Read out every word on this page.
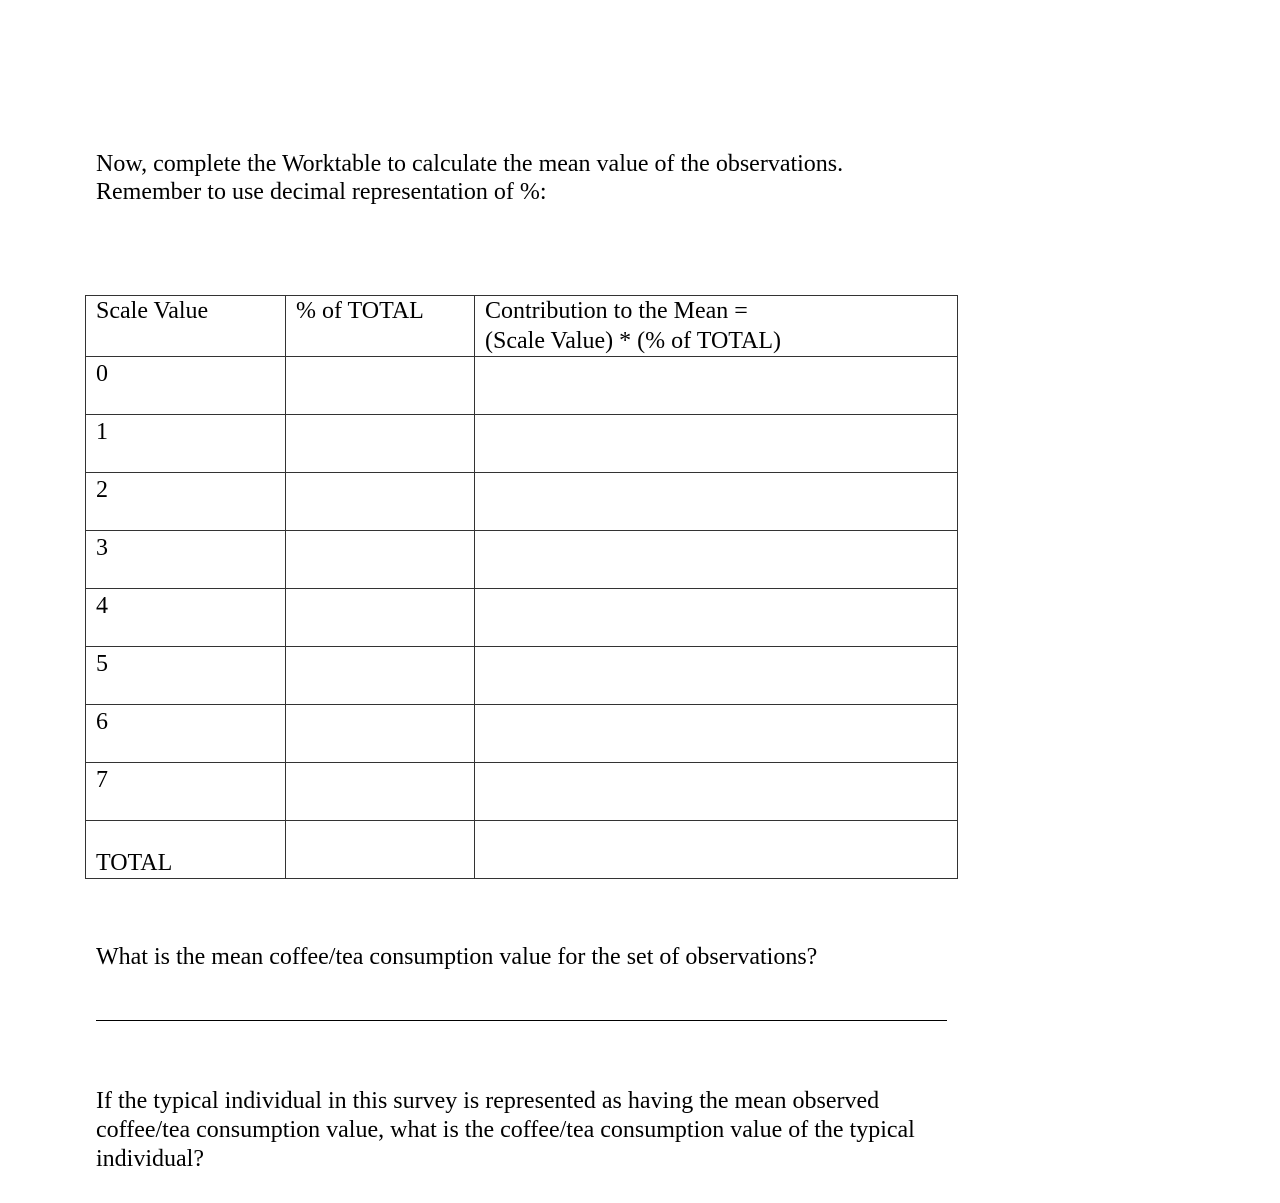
Now, complete the Worktable to calculate the mean value of the observations.

Remember to use decimal representation of %:

Scale Value	% of TOTAL	Contribution to the Mean =
(Scale Value) * (% of TOTAL)

0		

1		

2		

3		

4		

5		

6		

7		

TOTAL		

What is the mean coffee/tea consumption value for the set of observations?

If the typical individual in this survey is represented as having the mean observed coffee/tea consumption value, what is the coffee/tea consumption value of the typical individual?
